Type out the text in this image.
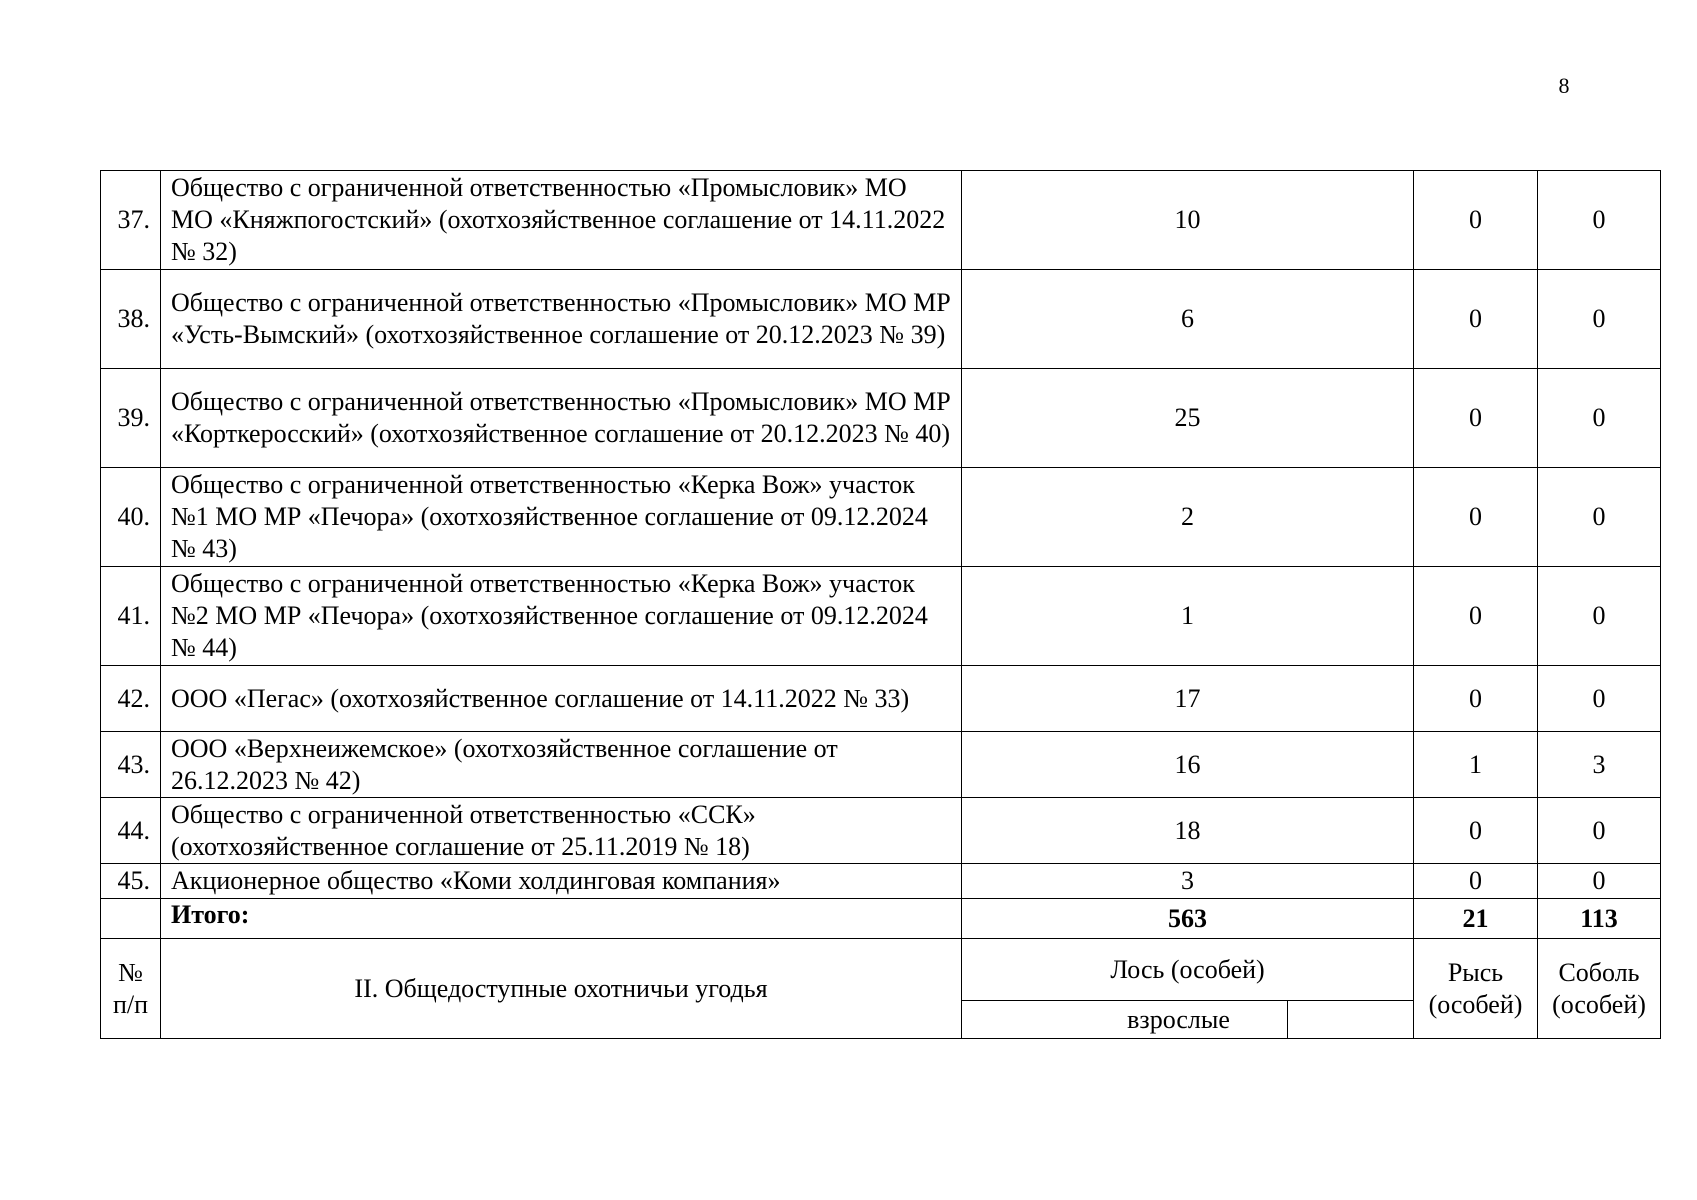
8
37.	Общество с ограниченной ответственностью «Промысловик» МО МО «Княжпогостский» (охотхозяйственное соглашение от 14.11.2022 № 32)	10		0	0
38.	Общество с ограниченной ответственностью «Промысловик» МО МР «Усть-Вымский» (охотхозяйственное соглашение от 20.12.2023 № 39)	6		0	0
39.	Общество с ограниченной ответственностью «Промысловик» МО МР «Корткеросский» (охотхозяйственное соглашение от 20.12.2023 № 40)	25		0	0
40.	Общество с ограниченной ответственностью «Керка Вож» участок №1 МО МР «Печора» (охотхозяйственное соглашение от 09.12.2024 № 43)	2		0	0
41.	Общество с ограниченной ответственностью «Керка Вож» участок №2 МО МР «Печора» (охотхозяйственное соглашение от 09.12.2024 № 44)	1		0	0
42.	ООО «Пегас» (охотхозяйственное соглашение от 14.11.2022 № 33)	17		0	0
43.	ООО «Верхнеижемское» (охотхозяйственное соглашение от 26.12.2023 № 42)	16		1	3
44.	Общество с ограниченной ответственностью «ССК» (охотхозяйственное соглашение от 25.11.2019 № 18)	18		0	0
45.	Акционерное общество «Коми холдинговая компания»	3		0	0
	Итого:	563		21	113
№ п/п	II. Общедоступные охотничьи угодья	Лось (особей)		Рысь (особей)	Соболь (особей)
		взрослые			
